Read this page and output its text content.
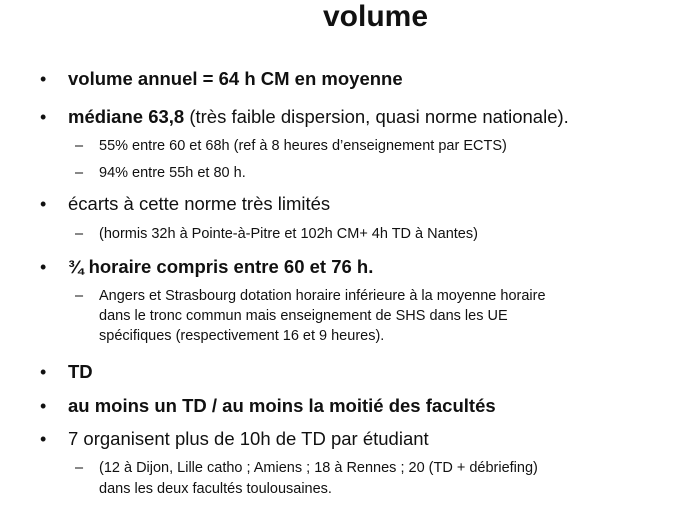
volume
• volume annuel = 64 h CM en moyenne
• médiane 63,8 (très faible dispersion, quasi norme nationale).
– 55% entre 60 et 68h (ref à 8 heures d’enseignement par ECTS)
– 94% entre 55h et 80 h.
• écarts à cette norme très limités
– (hormis 32h à Pointe-à-Pitre et 102h CM+ 4h TD à Nantes)
• ¾ horaire compris entre 60 et 76 h.
– Angers et Strasbourg dotation horaire inférieure à la moyenne horaire
dans le tronc commun mais enseignement de SHS dans les UE
spécifiques (respectivement 16 et 9 heures).
• TD
• au moins un TD / au moins la moitié des facultés
• 7 organisent plus de 10h de TD par étudiant
– (12 à Dijon, Lille catho ; Amiens ; 18 à Rennes ; 20 (TD + débriefing)
dans les deux facultés toulousaines.
